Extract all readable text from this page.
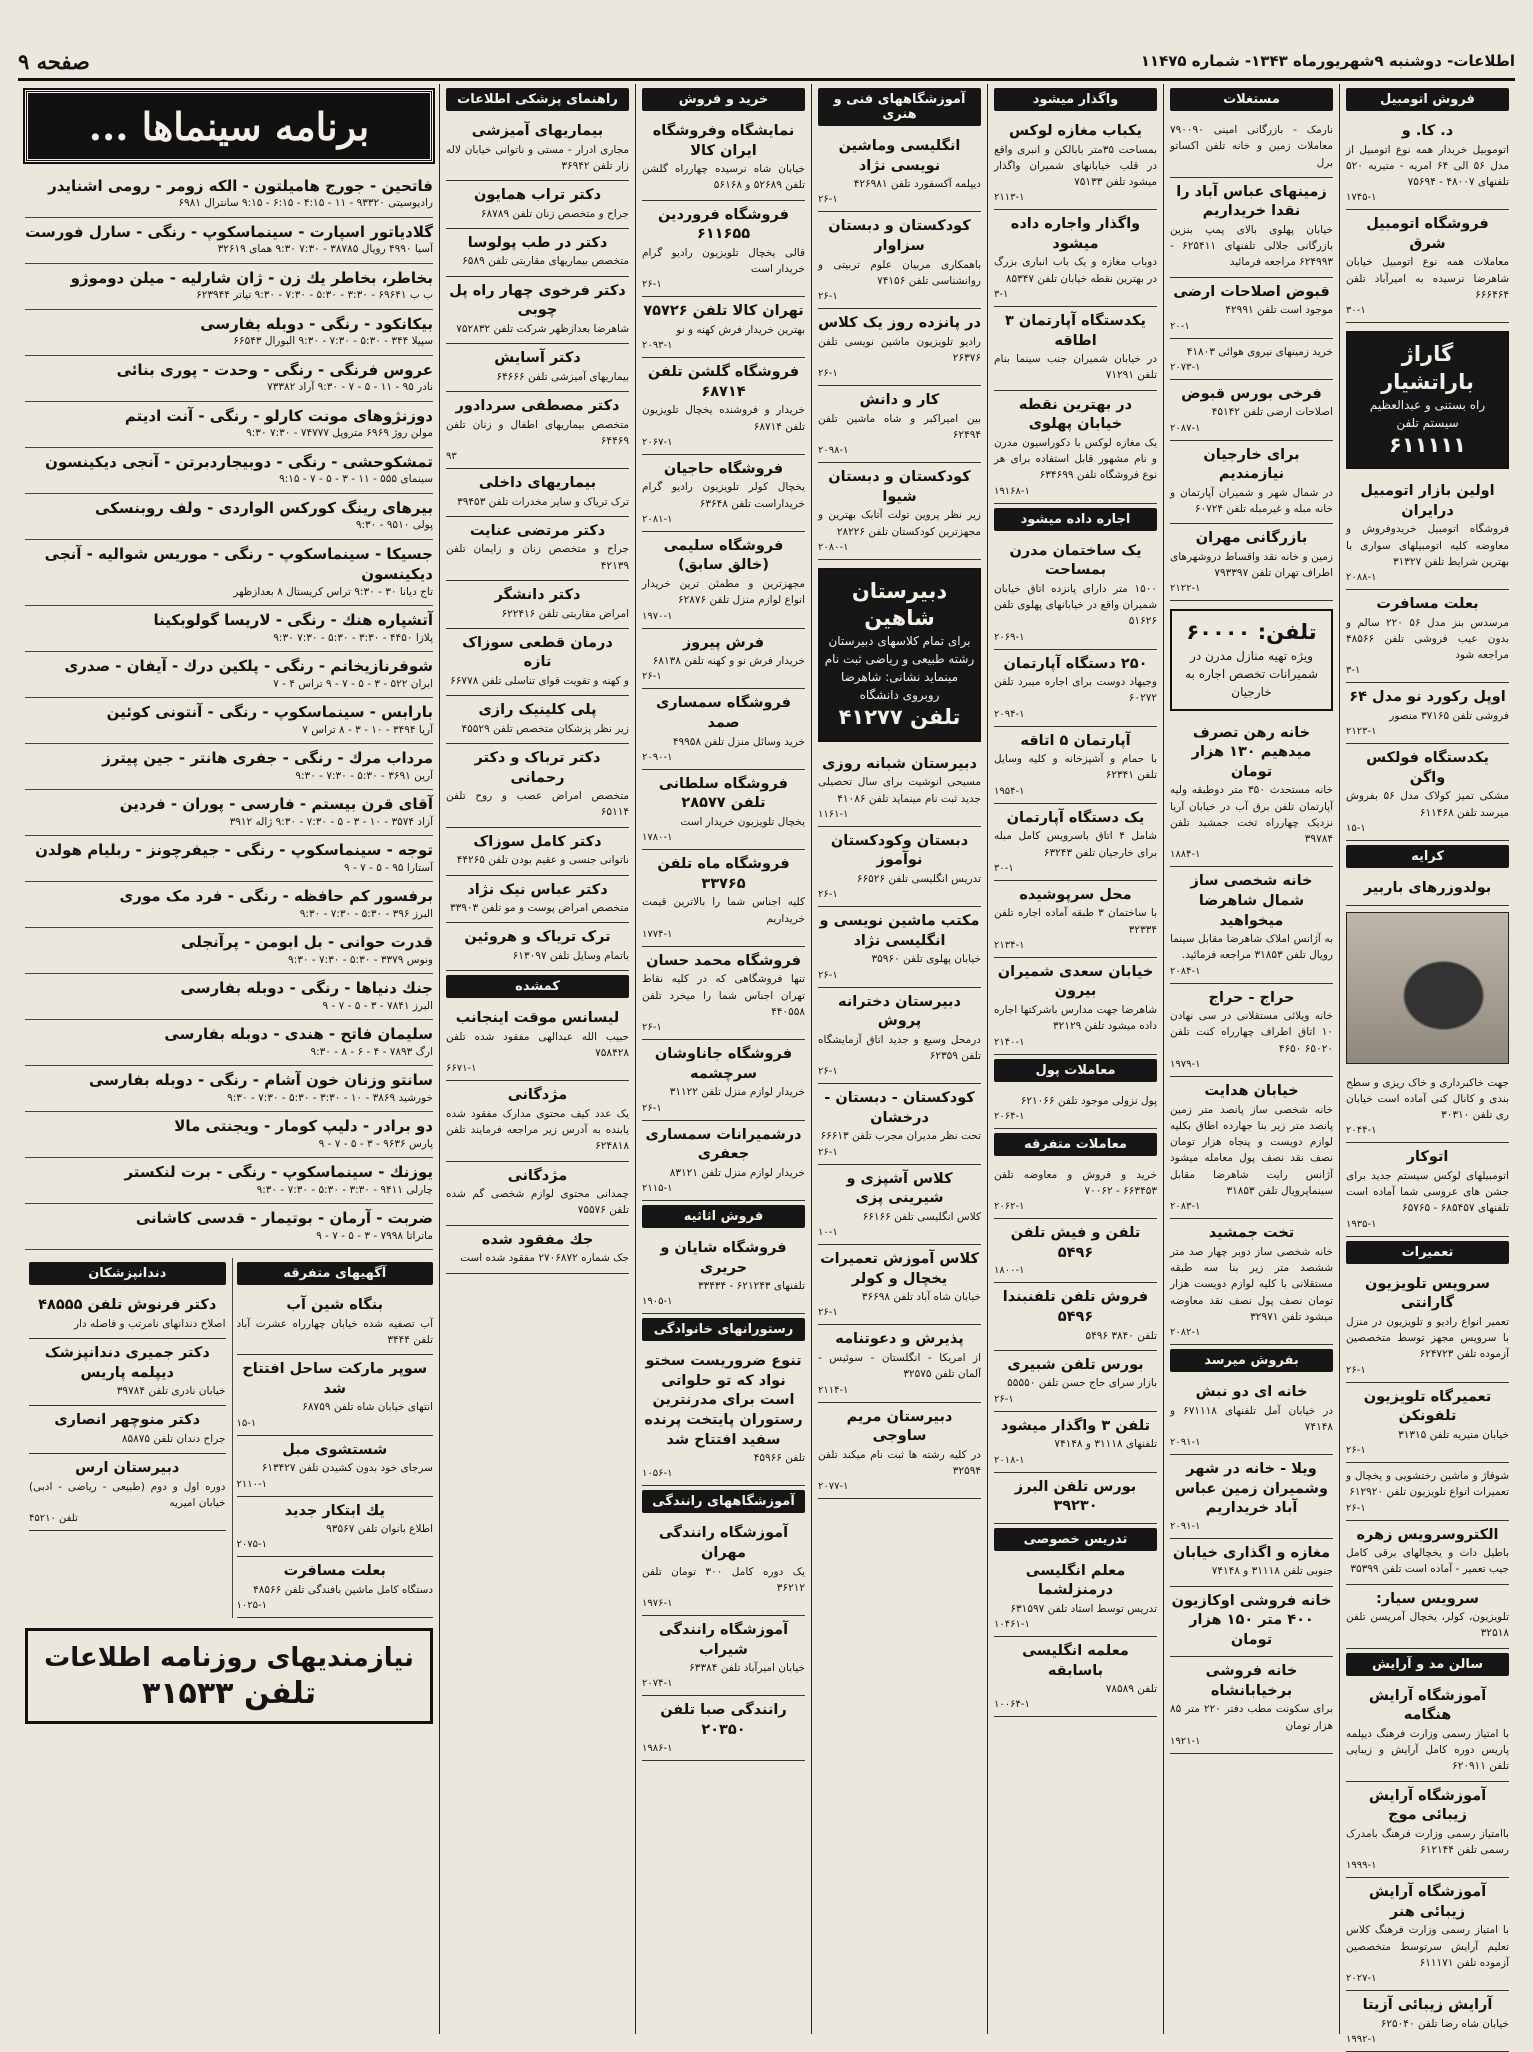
اطلاعات- دوشنبه ۹شهریورماه ۱۳۴۳- شماره ۱۱۴۷۵
صفحه ۹
فروش اتومبیل
د. کا. و
اتوموبیل خریدار همه نوع اتومبیل از مدل ۵۶ الی ۶۴ امریه - متیریه ۵۲۰ تلفنهای ۴۸۰۰۷ - ۷۵۶۹۴
۱۷۴۵-۱
فروشگاه اتومبیل شرق
معاملات همه نوع اتومبیل خیابان شاهرضا نرسیده به امیرآباد تلفن ۶۶۶۴۶۴
۳۰-۱
گاراژ باراتشیار
راه بستنی و عبدالعظیم سیستم تلفن
۶۱۱۱۱۱
اولین بازار اتومبیل درایران
فروشگاه اتومبیل خریدوفروش و معاوضه کلیه اتومبیلهای سواری با بهترین شرایط تلفن ۳۱۳۲۷
۲۰۸۸-۱
بعلت مسافرت
مرسدس بنز مدل ۵۶ ۲۲۰ سالم و بدون عیب فروشی تلفن ۴۸۵۶۶ مراجعه شود
۳-۱
اوپل رکورد نو مدل ۶۴
فروشی تلفن ۳۷۱۶۵ منصور
۲۱۲۳-۱
یکدستگاه فولکس واگن
مشکی تمیز کولاک مدل ۵۶ بفروش میرسد تلفن ۶۱۱۴۶۸
۱۵-۱
کرایه
بولدوزرهای باربیر
جهت خاکبرداری و خاک ریزی و سطح بندی و کانال کنی آماده است خیابان ری تلفن ۳۰۳۱۰
۲۰۴۴-۱
اتوکار
اتومبیلهای لوکس سیستم جدید برای جشن های عروسی شما آماده است تلفنهای ۶۸۵۴۵۷ - ۶۵۷۶۵
۱۹۳۵-۱
تعمیرات
سرویس تلویزیون گارانتی
تعمیر انواع رادیو و تلویزیون در منزل با سرویس مجهز توسط متخصصین آزموده تلفن ۶۲۴۷۲۳
۲۶-۱
تعمیرگاه تلویزیون تلفونکن
خیابان منیریه تلفن ۳۱۳۱۵
۲۶-۱
شوفاژ و ماشین رختشویی و یخچال و تعمیرات انواع تلویزیون تلفن ۶۱۲۹۲۰
۲۶-۱
الکتروسرویس زهره
باطیل دات و یخچالهای برقی کامل جیب تعمیر - آماده است تلفن ۳۵۳۹۹
سرویس سیار:
تلویزیون، کولر، یخچال آمریسن تلفن ۳۲۵۱۸
سالن مد و آرایش
آموزشگاه آرایش هنگامه
با امتیاز رسمی وزارت فرهنگ دیپلمه پاریس دوره کامل آرایش و زیبایی تلفن ۶۲۰۹۱۱
آموزشگاه آرایش زیبائی موج
باامتیاز رسمی وزارت فرهنگ بامدرک رسمی تلفن ۶۱۲۱۴۴
۱۹۹۹-۱
آموزشگاه آرایش زیبائی هنر
با امتیاز رسمی وزارت فرهنگ کلاس تعلیم آرایش سرتوسط متخصصین آزموده تلفن ۶۱۱۱۷۱
۲۰۲۷-۱
آرایش زیبائی آزیتا
خیابان شاه رضا تلفن ۶۲۵۰۴۰
۱۹۹۲-۱
مستغلات
نارمک - بازرگانی امینی ۷۹۰۰۹۰ معاملات زمین و خانه تلفن اکساتو برل
زمینهای عباس آباد را نقدا خریداریم
خیابان پهلوی بالای پمپ بنزین بازرگانی جلالی تلفنهای ۶۲۵۴۱۱ - ۶۲۴۹۹۳ مراجعه فرمائید
قبوض اصلاحات ارضی
موجود است تلفن ۴۲۹۹۱
۲۰-۱
خرید زمینهای نیروی هوائی ۴۱۸۰۳
۲۰۷۳-۱
فرخی بورس قبوض
اصلاحات ارضی تلفن ۴۵۱۴۲
۲۰۸۷-۱
برای خارجیان نیازمندیم
در شمال شهر و شمیران آپارتمان و خانه مبله و غیرمبله تلفن ۶۰۷۲۴
بازرگانی مهران
زمین و خانه نقد واقساط دروشهرهای اطراف تهران تلفن ۷۹۳۳۹۷
۲۱۲۲-۱
تلفن: ۶۰۰۰۰
ویژه تهیه منازل مدرن در شمیرانات تخصص اجاره به خارجیان
خانه رهن تصرف میدهیم ۱۳۰ هزار تومان
خانه مستحدث ۳۵۰ متر دوطبقه ولیه آپارتمان تلفن برق آب در خیابان آریا نزدیک چهارراه تخت جمشید تلفن ۳۹۷۸۴
۱۸۸۴-۱
خانه شخصی ساز شمال شاهرضا میخواهید
به آژانس املاک شاهرضا مقابل سینما رویال تلفن ۳۱۸۵۳ مراجعه فرمائید.
۲۰۸۴-۱
حراج - حراج
خانه ویلائی مستقلانی در سی نهادن ۱۰ اتاق اطراف چهارراه کنت تلفن ۶۵۰۲۰ ۴۶۵۰
۱۹۷۹-۱
خیابان هدایت
خانه شخصی ساز پانصد متر زمین پانصد متر زیر بنا جهارده اطاق بکلیه لوازم دویست و پنجاه هزار تومان نصف نقد نصف پول معامله میشود آژانس رایت شاهرضا مقابل سینماپرویال تلفن ۳۱۸۵۳
۲۰۸۳-۱
تخت جمشید
خانه شخصی ساز دوبر چهار صد متر ششصد متر زیر بنا سه طبقه مستقلانی با کلیه لوازم دویست هزار تومان نصف پول نصف نقد معاوضه میشود تلفن ۳۲۹۷۱
۲۰۸۲-۱
بفروش میرسد
خانه ای دو نبش
در خیابان آمل تلفنهای ۶۷۱۱۱۸ و ۷۴۱۴۸
۲۰۹۱-۱
ویلا - خانه در شهر وشمیران زمین عباس آباد خریداریم
۲۰۹۱-۱
مغازه و اگذاری خیابان
جنوبی تلفن ۳۱۱۱۸ و ۷۴۱۴۸
خانه فروشی اوکازیون ۴۰۰ متر ۱۵۰ هزار تومان
خانه فروشی برخیابانشاه
برای سکونت مطب دفتر ۲۲۰ متر ۸۵ هزار تومان
۱۹۲۱-۱
واگذار میشود
یکباب مغازه لوکس
بمساحت ۳۵متر بابالکن و انبری واقع در قلب خیابانهای شمیران واگذار میشود تلفن ۷۵۱۳۳
۲۱۱۳-۱
واگذار واجاره داده میشود
دوباب مغازه و یک باب انباری بزرگ در بهترین نقطه خیابان تلفن ۸۵۳۴۷
۳-۱
یکدستگاه آپارتمان ۳ اطاقه
در خیابان شمیران جنب سینما بنام تلفن ۷۱۲۹۱
در بهترین نقطه خیابان پهلوی
یک مغازه لوکس با دکوراسیون مدرن و نام مشهور قابل استفاده برای هر نوع فروشگاه تلفن ۶۳۴۶۹۹
۱۹۱۶۸-۱
اجاره داده میشود
یک ساختمان مدرن بمساحت
۱۵۰۰ متر دارای پانزده اتاق خیابان شمیران واقع در خیابانهای پهلوی تلفن ۵۱۶۲۶
۲۰۶۹-۱
۲۵۰ دستگاه آپارتمان
وجیهاد دوست برای اجاره میبرد تلفن ۶۰۲۷۲
۲۰۹۴-۱
آپارتمان ۵ اتاقه
با حمام و آشپزخانه و کلیه وسایل تلفن ۶۲۳۴۱
۱۹۵۴-۱
یک دستگاه آپارتمان
شامل ۴ اتاق باسرویس کامل مبله برای خارجیان تلفن ۶۳۲۴۳
۳۰-۱
محل سرپوشیده
با ساختمان ۳ طبقه آماده اجاره تلفن ۳۲۳۳۴
۲۱۳۴-۱
خیابان سعدی شمیران بیرون
شاهرضا جهت مدارس باشرکتها اجاره داده میشود تلفن ۳۲۱۲۹
۲۱۴۰-۱
معاملات پول
پول نزولی موجود تلفن ۶۲۱۰۶۶
۲۰۶۴-۱
معاملات متفرقه
خرید و فروش و معاوضه تلفن ۶۶۳۴۵۳ - ۷۰۰۶۲
۲۰۶۲-۱
تلفن و فیش تلفن ۵۴۹۶
۱۸۰۰-۱
فروش تلفن تلفنبندا ۵۴۹۶
تلفن ۳۸۴۰ ۵۴۹۶
بورس تلفن شبیری
بازار سرای حاج حسن تلفن ۵۵۵۵۰
۲۶-۱
تلفن ۳ واگذار میشود
تلفنهای ۳۱۱۱۸ و ۷۴۱۴۸
۲۰۱۸-۱
بورس تلفن البرز ۳۹۲۳۰
تدریس خصوصی
معلم انگلیسی درمنزلشما
تدریس توسط استاد تلفن ۶۳۱۵۹۷
۱۰۴۶۱-۱
معلمه انگلیسی باسابقه
تلفن ۷۸۵۸۹
۱۰۰۶۴-۱
آموزشگاههای فنی و هنری
انگلیسی وماشین نویسی نژاد
دیپلمه آکسفورد تلفن ۴۲۶۹۸۱
۲۶-۱
کودکستان و دبستان سزاوار
باهمکاری مربیان علوم تربیتی و روانشناسی تلفن ۷۴۱۵۶
۲۶-۱
در پانزده روز یک کلاس
رادیو تلویزیون ماشین نویسی تلفن ۲۶۳۷۶
۲۶-۱
کار و دانش
بین امیراکبر و شاه ماشین تلفن ۶۲۴۹۴
۲۰۹۸-۱
کودکستان و دبستان شیوا
زیر نظر پروین تولت آتابک بهترین و مجهزترین کودکستان تلفن ۲۸۲۲۶
۲۰۸۰-۱
دبیرستان شاهین
برای تمام کلاسهای دبیرستان رشته طبیعی و ریاضی ثبت نام مینماید نشانی: شاهرضا روبروی دانشگاه
تلفن ۴۱۲۷۷
دبیرستان شبانه روزی
مسیحی انوشیت برای سال تحصیلی جدید ثبت نام مینماید تلفن ۴۱۰۸۶
۱۱۶۱-۱
دبستان وکودکستان نوآموز
تدریس انگلیسی تلفن ۶۶۵۲۶
۲۶-۱
مکتب ماشین نویسی و انگلیسی نژاد
خیابان پهلوی تلفن ۳۵۹۶۰
۲۶-۱
دبیرستان دخترانه پروش
درمحل وسیع و جدید اتاق آزمایشگاه تلفن ۶۲۳۵۹
۲۶-۱
کودکستان - دبستان - درخشان
تحت نظر مدیران مجرب تلفن ۶۶۶۱۳
۲۶-۱
کلاس آشپزی و شیرینی پزی
کلاس انگلیسی تلفن ۶۶۱۶۶
۱۰-۱
کلاس آموزش تعمیرات یخچال و کولر
خیابان شاه آباد تلفن ۳۶۶۹۸
۲۶-۱
پذیرش و دعوتنامه
از امریکا - انگلستان - سوئیس - آلمان تلفن ۳۲۵۷۵
۲۱۱۴-۱
دبیرستان مریم ساوجی
در کلیه رشته ها ثبت نام میکند تلفن ۳۲۵۹۴
۲۰۷۷-۱
خرید و فروش
نمایشگاه وفروشگاه ایران کالا
خیابان شاه نرسیده چهارراه گلشن تلفن ۵۲۶۸۹ و ۵۶۱۶۸
فروشگاه فروردین ۶۱۱۶۵۵
قالی یخچال تلویزیون رادیو گرام خریدار است
۲۶-۱
تهران کالا تلفن ۷۵۷۲۶
بهترین خریدار فرش کهنه و نو
۲۰۹۳-۱
فروشگاه گلشن تلفن ۶۸۷۱۴
خریدار و فروشنده یخچال تلویزیون تلفن ۶۸۷۱۴
۲۰۶۷-۱
فروشگاه حاجیان
یخچال کولر تلویزیون رادیو گرام خریداراست تلفن ۶۳۶۴۸
۲۰۸۱-۱
فروشگاه سلیمی (خالق سابق)
مجهزترین و مطمئن ترین خریدار انواع لوازم منزل تلفن ۶۲۸۷۶
۱۹۷۰-۱
فرش پیروز
خریدار فرش نو و کهنه تلفن ۶۸۱۳۸
۲۶-۱
فروشگاه سمساری صمد
خرید وسائل منزل تلفن ۴۹۹۵۸
۲۰۹۰-۱
فروشگاه سلطانی تلفن ۲۸۵۷۷
یخچال تلویزیون خریدار است
۱۷۸۰-۱
فروشگاه ماه تلفن ۳۳۷۶۵
کلیه اجناس شما را بالاترین قیمت خریداریم
۱۷۷۴-۱
فروشگاه محمد حسان
تنها فروشگاهی که در کلیه نقاط تهران اجناس شما را میخرد تلفن ۴۴۰۵۵۸
۲۶-۱
فروشگاه جاناوشان سرچشمه
خریدار لوازم منزل تلفن ۳۱۱۲۲
۲۶-۱
درشمیرانات سمساری جعفری
خریدار لوازم منزل تلفن ۸۳۱۲۱
۲۱۱۵-۱
فروش اثاثیه
فروشگاه شایان و حریری
تلفنهای ۶۲۱۲۴۳ - ۳۳۴۳۴
۱۹۰۵-۱
رستورانهای خانوادگی
تنوع ضروریست سختو نواد که تو حلواتی است برای مدرنترین رستوران پایتخت پرنده سفید افتتاح شد
تلفن ۴۵۹۶۶
۱۰۵۶-۱
آموزشگاههای رانندگی
آموزشگاه رانندگی مهران
یک دوره کامل ۳۰۰ تومان تلفن ۳۶۲۱۲
۱۹۷۶-۱
آموزشگاه رانندگی شیراب
خیابان امیرآباد تلفن ۶۳۳۸۴
۲۰۷۴-۱
رانندگی صبا تلفن ۲۰۳۵۰
۱۹۸۶-۱
راهنمای پزشکی اطلاعات
بیماریهای آمیزشی
مجاری ادرار - مستی و ناتوانی خیابان لاله زار تلفن ۳۶۹۴۲
دکتر تراب همایون
جراح و متخصص زنان تلفن ۶۸۷۸۹
دکتر در طب پولوسا
متخصص بیماریهای مقاربتی تلفن ۶۵۸۹
دکتر فرخوی چهار راه پل چوبی
شاهرضا بعدازظهر شرکت تلفن ۷۵۲۸۳۲
دکتر آسایش
بیماریهای آمیزشی تلفن ۶۴۶۶۶
دکتر مصطفی سردادور
متخصص بیماریهای اطفال و زنان تلفن ۶۴۴۶۹
۹۳
بیماریهای داخلی
ترک تریاک و سایر مخدرات تلفن ۳۹۴۵۳
دکتر مرتضی عنایت
جراح و متخصص زنان و زایمان تلفن ۴۲۱۳۹
دکتر دانشگر
امراض مقاربتی تلفن ۶۲۲۴۱۶
درمان قطعی سوزاک تازه
و کهنه و تقویت قوای تناسلی تلفن ۶۶۷۷۸
پلی کلینیک رازی
زیر نظر پزشکان متخصص تلفن ۴۵۵۲۹
دکتر ترباک و دکتر رحمانی
متخصص امراض عصب و روح تلفن ۶۵۱۱۴
دکتر کامل سوزاک
ناتوانی جنسی و عقیم بودن تلفن ۴۴۲۶۵
دکتر عباس نیک نژاد
متخصص امراض پوست و مو تلفن ۳۳۹۰۳
ترک تریاک و هروئین
باتمام وسایل تلفن ۶۱۳۰۹۷
کمشده
لیسانس موقت اینجانب
حبیب الله عبدالهی مفقود شده تلفن ۷۵۸۴۲۸
۶۶۷۱-۱
مژدگانی
یک عدد کیف محتوی مدارک مفقود شده یابنده به آدرس زیر مراجعه فرمایند تلفن ۶۲۴۸۱۸
مژدگانی
چمدانی محتوی لوازم شخصی گم شده تلفن ۷۵۵۷۶
جك مفقود شده
جک شماره ۲۷۰۶۸۷۲ مفقود شده است
برنامه سینماها ...
فاتحین - جورج هامیلتون - الکه زومر - رومی اشنایدر
رادیوسیتی ۹۳۳۲۰ - ۱۱ - ۴:۱۵ - ۶:۱۵ - ۹:۱۵ سانترال ۶۹۸۱
گلادیاتور اسپارت - سینماسکوپ - رنگی - سارل فورست
آسیا ۴۹۹۰ رویال ۳۸۷۸۵ - ۷:۳۰ ۹:۳۰ همای ۳۲۶۱۹
بخاطر، بخاطر یك زن - ژان شارلیه - میلن دوموژو
ب ب ۶۹۶۴۱ - ۳:۳۰ - ۵:۳۰ - ۷:۳۰ - ۹:۳۰ تیاتر ۶۲۳۹۴۴
بیکانکود - رنگی - دوبله بفارسی
سپیلا ۳۴۴ - ۵:۳۰ - ۷:۳۰ - ۹:۳۰ البورال ۶۶۵۴۳
عروس فرنگی - رنگی - وحدت - پوری بنائی
نادر ۹۵ - ۱۱ - ۵ - ۷ - ۹:۳۰ آراد ۷۳۳۸۲
دوزنژوهای مونت کارلو - رنگی - آنت ادیتم
مولن روژ ۶۹۶۹ متروپل ۷۴۷۷۷ - ۷:۳۰ ۹:۳۰
تمشکوحشی - رنگی - دوبیجاردبرتن - آنجی دیکینسون
سینمای ۵۵۵ - ۱۱ - ۳ - ۵ - ۷ - ۹:۱۵
بیرهای رینگ کورکس الواردی - ولف روبنسکی
پولی ۹۵۱۰ - ۹:۳۰
جسیکا - سینماسکوپ - رنگی - موریس شوالیه - آنجی دیکینسون
تاج دیانا ۳۰ - ۹:۳۰ تراس کریستال ۸ بعدازظهر
آتشپاره هنك - رنگی - لاریسا گولوبکینا
پلازا ۴۴۵۰ - ۳:۳۰ - ۵:۳۰ - ۷:۳۰ ۹:۳۰
شوفرنازیخانم - رنگی - پلکین درك - آیفان - صدری
ایران ۵۲۲ - ۳ - ۵ - ۷ - ۹ تراس ۴ - ۷
بارابس - سینماسکوپ - رنگی - آنتونی کوئین
آریا ۳۴۹۴ - ۱۰ - ۳ - ۸ تراس ۷
مرداب مرك - رنگی - جفری هانتر - جین پیترز
آرین ۳۶۹۱ - ۵:۳۰ - ۷:۳۰ - ۹:۳۰
آقای قرن بیستم - فارسی - پوران - فردین
آزاد ۳۵۷۴ - ۱۰ - ۳ - ۵ - ۷:۳۰ - ۹:۳۰ ژاله ۳۹۱۲
توجه - سینماسکوپ - رنگی - جیفرچونز - ربلیام هولدن
آستارا ۹۵ - ۵ - ۷ - ۹
برفسور کم حافظه - رنگی - فرد مک موری
البرز ۳۹۶ - ۵:۳۰ - ۷:۳۰ - ۹:۳۰
قدرت حوانی - بل ابومن - پرآنجلی
ونوس ۳۳۷۹ - ۵:۳۰ - ۷:۳۰ - ۹:۳۰
جنك دنیاها - رنگی - دوبله بفارسی
البرز ۷۸۴۱ - ۳ - ۵ - ۷ - ۹
سلیمان فاتح - هندی - دوبله بفارسی
ارگ ۷۸۹۳ - ۴ - ۶ - ۸ - ۹:۳۰
سانتو وزنان خون آشام - رنگی - دوبله بفارسی
خورشید ۳۸۶۹ - ۱۰ - ۳:۳۰ - ۵:۳۰ - ۷:۳۰ - ۹:۳۰
دو برادر - دلیپ کومار - ویجنتی مالا
پارس ۹۶۳۶ - ۳ - ۵ - ۷ - ۹
یوزنك - سینماسکوپ - رنگی - برت لنکستر
چارلی ۹۴۱۱ - ۳:۳۰ - ۵:۳۰ - ۷:۳۰ - ۹:۳۰
ضربت - آرمان - بوتیمار - قدسی کاشانی
ماتراتا ۷۹۹۸ - ۳ - ۵ - ۷ - ۹
آگهیهای متفرقه
بنگاه شین آب
آب تصفیه شده خیابان چهارراه عشرت آباد تلفن ۳۴۴۴
سوپر مارکت ساحل افتتاح شد
انتهای خیابان شاه تلفن ۶۸۷۵۹
۱۵-۱
شستشوی مبل
سرجای خود بدون کشیدن تلفن ۶۱۳۴۲۷
۲۱۱۰-۱
یك ابتكار جدید
اطلاع بانوان تلفن ۹۳۵۶۷
۲۰۷۵-۱
بعلت مسافرت
دستگاه کامل ماشین بافندگی تلفن ۴۸۵۶۶
۱۰۲۵-۱
دندانپزشکان
دکتر فرنوش تلفن ۴۸۵۵۵
اصلاح دندانهای نامرتب و فاصله دار
دکتر جمیری دندانپزشک دیپلمه پاریس
خیابان نادری تلفن ۳۹۷۸۴
دکتر منوچهر انصاری
جراح دندان تلفن ۸۵۸۷۵
دبیرستان ارس
دوره اول و دوم (طبیعی - ریاضی - ادبی) خیابان امیریه
تلفن ۴۵۲۱۰
نیازمندیهای روزنامه اطلاعات
تلفن ۳۱۵۳۳
